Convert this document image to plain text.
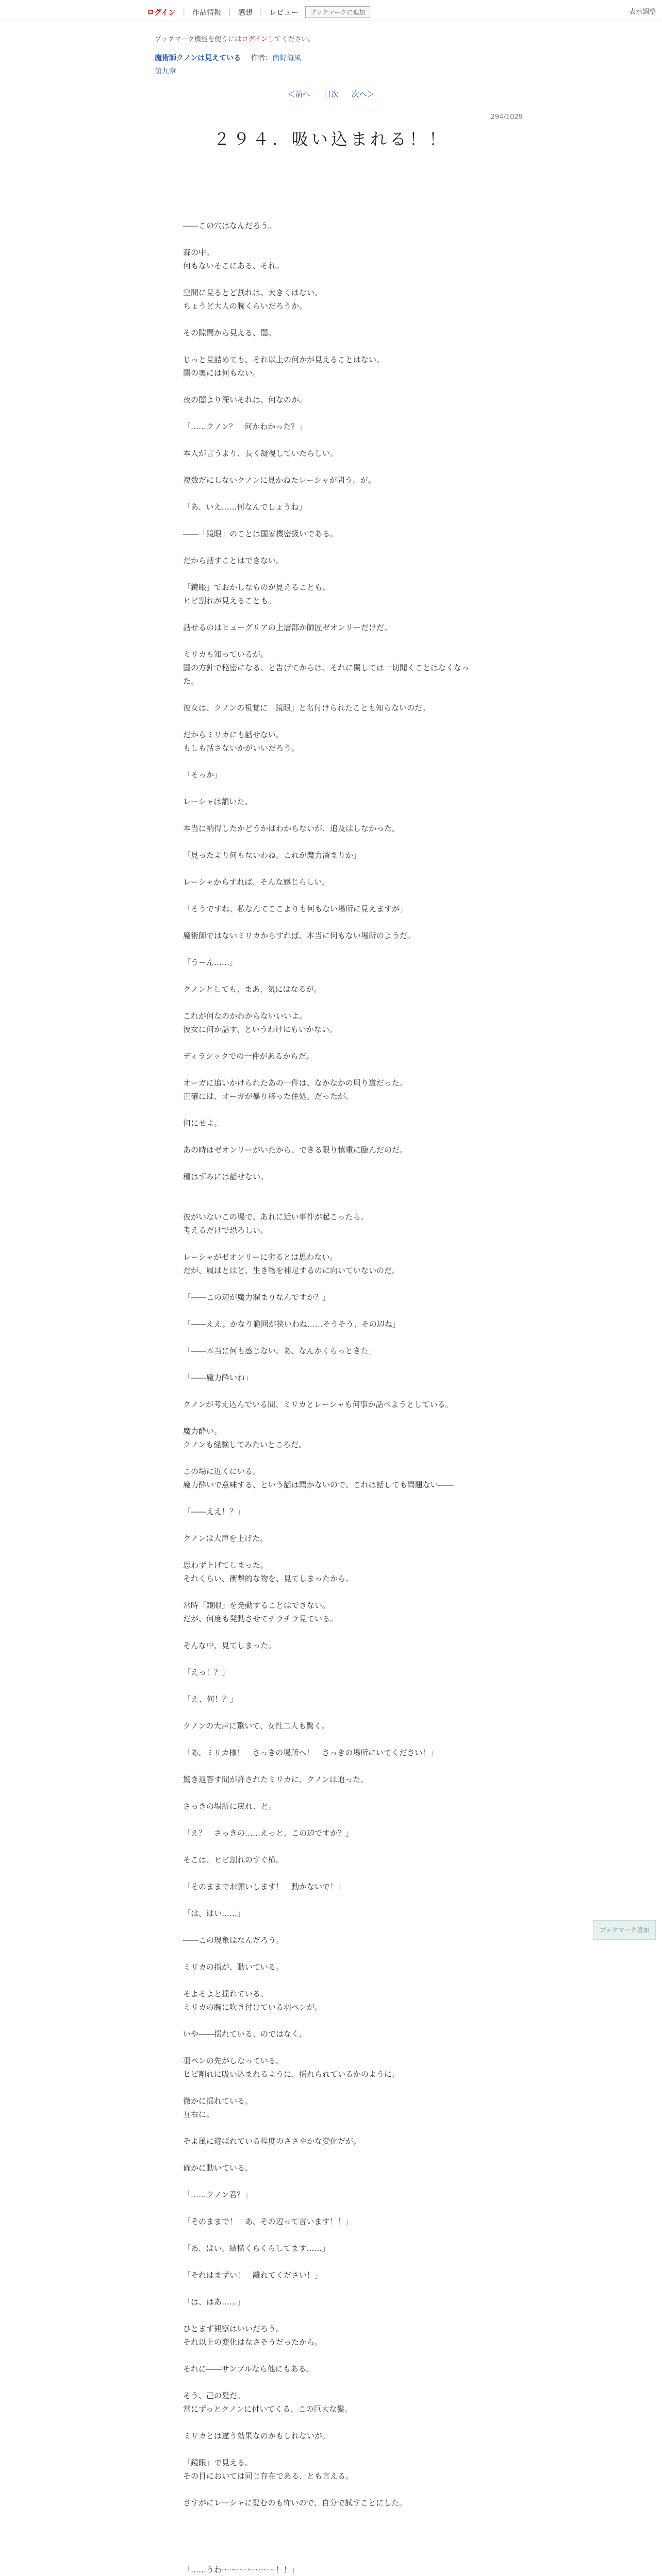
ログイン | 作品情報 | 感想 | レビュー	ブックマークに追加	表示調整
ブックマーク機能を使うにはログインしてください。
魔術師クノンは見えている 作者：南野海風
第九章
＜前へ 目次 次へ＞
294/1029
２９４．吸い込まれる！！

――この穴はなんだろう。

森の中。

何もないそこにある、それ。

空間に見るとど割れは、大きくはない。

ちょうど大人の腕くらいだろうか。

その隙間から見える、闇。

じっと見詰めても、それ以上の何かが見えることはない。

闇の奥には何もない。

夜の闇より深いそれは、何なのか。

「……クノン？　何かわかった？」

本人が言うより、長く凝視していたらしい。

複数だにしないクノンに見かねたレーシャが問う。が。

「あ、いえ……何なんでしょうね」

――「鏡眼」のことは国家機密扱いである。

だから話すことはできない。

「鏡眼」でおかしなものが見えることも。

ヒビ割れが見えることも。

話せるのはヒューグリアの上層部か師匠ゼオンリーだけだ。

ミリカも知っているが。

国の方針で秘密になる、と告げてからは、それに関しては一切聞くことはなくなった。

彼女は、クノンの視覚に「鏡眼」と名付けられたことも知らないのだ。

だからミリカにも話せない。

もしも話さないかがいいだろう。

「そっか」

レーシャは頷いた。

本当に納得したかどうかはわからないが、追及はしなかった。

「見ったより何もないわね。これが魔力溜まりか」

レーシャからすれば、そんな感じらしい。

「そうですね。私なんてここよりも何もない場所に見えますが」

魔術師ではないミリカからすれば、本当に何もない場所のようだ。

「うーん……」

クノンとしても、まあ、気にはなるが。

これが何なのかわからないいいよ。

彼女に何か話す、というわけにもいかない。

ディラシックでの一件があるからだ。

オーガに追いかけられたあの一件は、なかなかの周り道だった。

正確には、オーガが暴り移った住処、だったが。

何にせよ。

あの時はゼオンリーがいたから、できる限り慎重に臨んだのだ。

種はずみには話せない。

彼がいないこの場で、あれに近い事件が起こったら。

考えるだけで恐ろしい。

レーシャがゼオンリーに劣るとは思わない。

だが、風はとはど、生き物を補足するのに向いていないのだ。

「――この辺が魔力溜まりなんですか？」

「――ええ。かなり範囲が狭いわね……そうそう、その辺ね」

「――本当に何も感じない。あ、なんかくらっときた」

「――魔力酔いね」

クノンが考え込んでいる間、ミリカとレーシャも何事か話べようとしている。

魔力酔い。

クノンも経験してみたいところだ。

この場に近くにいる。

魔力酔いで意味する、という話は聞かないので、これは話しても問題ない――

「――ええ！？」

クノンは大声を上げた。

思わず上げてしまった。

それくらい、衝撃的な物を、見てしまったから。

常時「鏡眼」を発動することはできない。

だが、何度も発動させてチラチラ見ている。

そんな中、見てしまった。

「えっ！？」

「え、何！？」

クノンの大声に驚いて、女性二人も驚く。

「あ、ミリカ様！　さっきの場所へ！　さっきの場所にいてください！」

驚き返答す間が許されたミリカに、クノンは迫った。

さっきの場所に戻れ、と。

「え？　さっきの……えっと、この辺ですか？」

そこは、ヒビ割れのすぐ横。

「そのままでお願いします！　動かないで！」

「は、はい……」

――この現象はなんだろう。

ミリカの指が、動いている。

そよそよと揺れている。

ミリカの腕に吹き付けている羽ペンが。

いや――揺れている、のではなく。

羽ペンの先がしなっている。

ヒビ割れに吸い込まれるように、揺れられているかのように。

微かに揺れている。

互右に。

そよ風に遊ばれている程度のささやかな変化だが。

確かに動いている。

「……クノン君？」

「そのままで！　あ、その辺って言います！！」

「あ、はい。結構くらくらしてます……」

「それはまずい！　離れてください！」

「は、はあ……」

ひとまず観察はいいだろう。

それ以上の変化はなさそうだったから。

それに――サンプルなら他にもある。

そう、己の髪だ。

常にずっとクノンに付いてくる、この巨大な髪。

ミリカとは違う効果なのかもしれないが。

「鏡眼」で見える。

その目においては同じ存在である、とも言える。

さすがにレーシャに髪むのも怖いので、自分で試すことにした。

「……うわ～～～～～～～！！」

ブックマーク追加
